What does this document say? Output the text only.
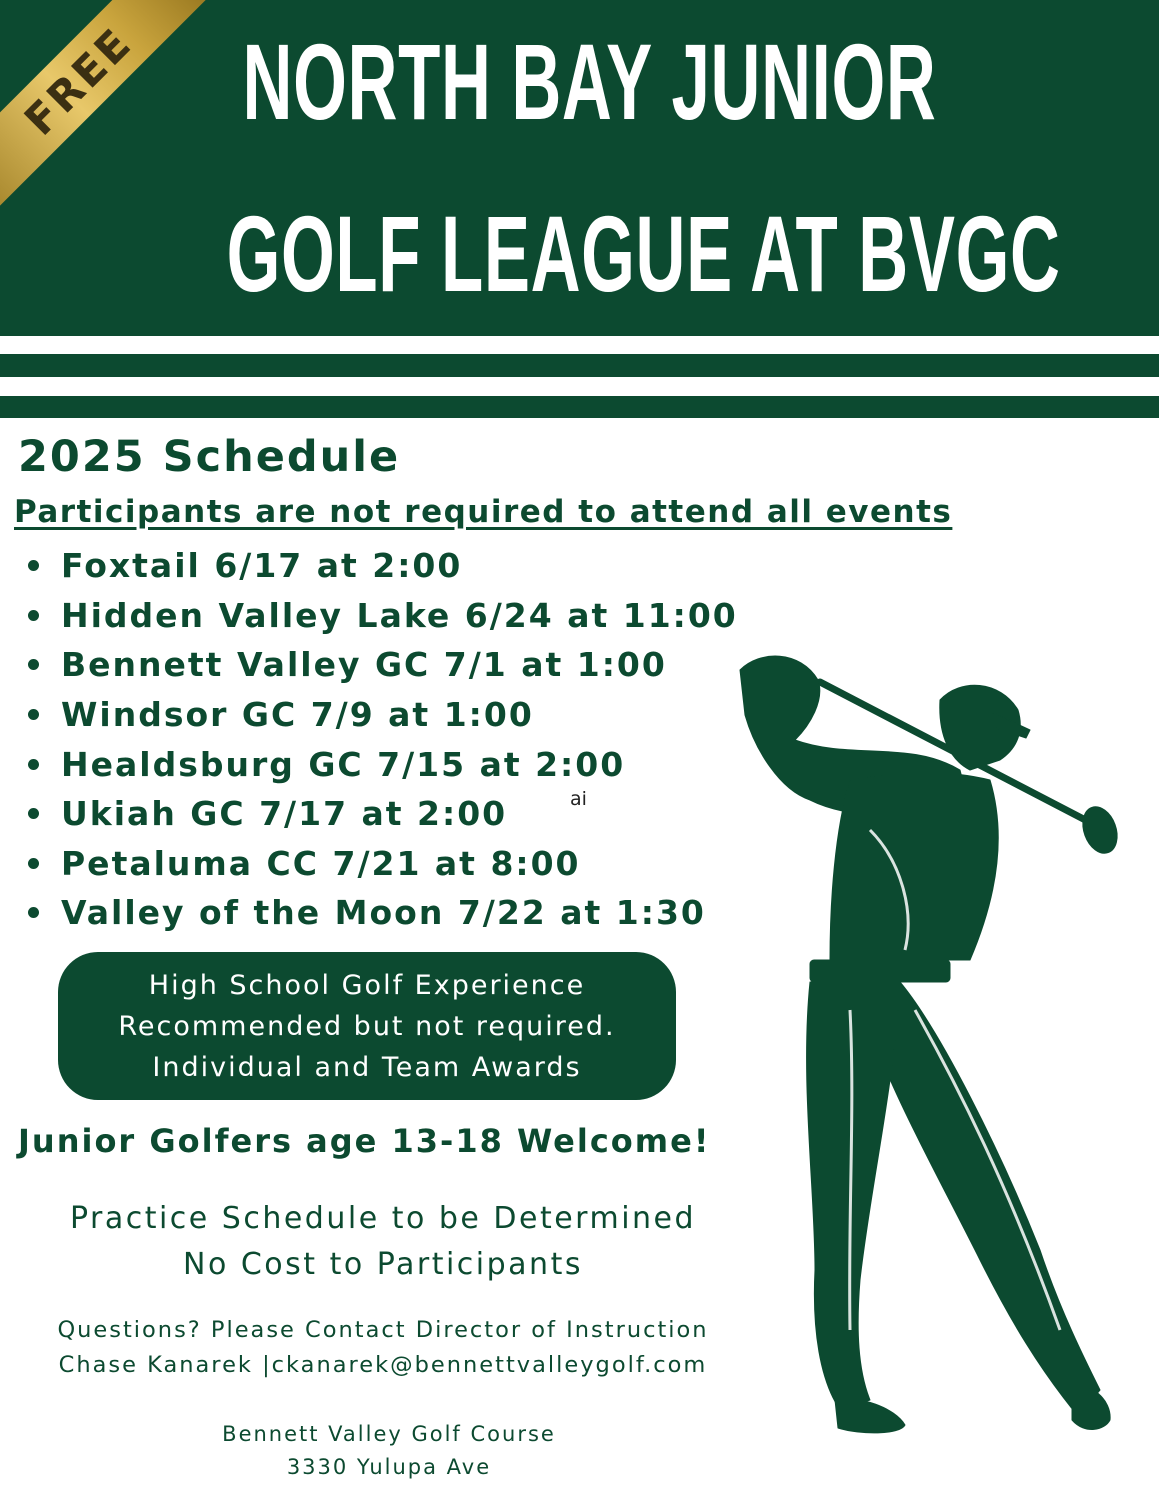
FREE NORTH BAY JUNIOR
GOLF LEAGUE AT BVGC
2025 Schedule
Participants are not required to attend all events
Foxtail 6/17 at 2:00
Hidden Valley Lake 6/24 at 11:00
Bennett Valley GC 7/1 at 1:00
Windsor GC 7/9 at 1:00
Healdsburg GC 7/15 at 2:00
Ukiah GC 7/17 at 2:00
Petaluma CC 7/21 at 8:00
Valley of the Moon 7/22 at 1:30
ai
High School Golf Experience
Recommended but not required.
Individual and Team Awards
Junior Golfers age 13-18 Welcome!
Practice Schedule to be Determined
No Cost to Participants
Questions? Please Contact Director of Instruction
Chase Kanarek |ckanarek@bennettvalleygolf.com
Bennett Valley Golf Course
3330 Yulupa Ave
